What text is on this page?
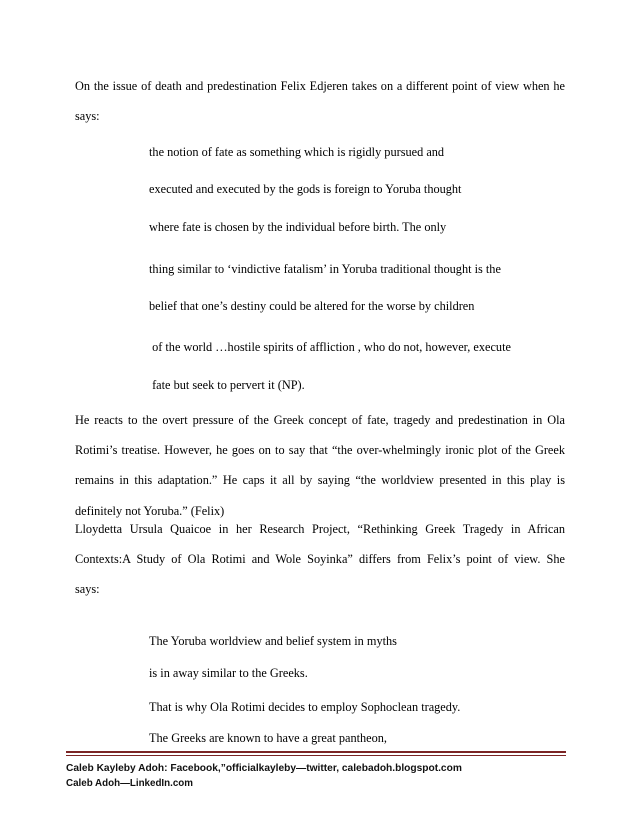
On the issue of death and predestination Felix Edjeren takes on a different point of view when he
says:
the notion of fate as something which is rigidly pursued and
executed and executed by the gods is foreign to Yoruba thought
where fate is chosen by the individual before birth. The only
thing similar to ‘vindictive fatalism’ in Yoruba traditional thought is the
belief that one’s destiny could be altered for the worse by children
of the world …hostile spirits of affliction , who do not, however, execute
fate but seek to pervert it (NP).
He reacts to the overt pressure of the Greek concept of fate, tragedy and predestination in Ola
Rotimi’s treatise. However, he goes on to say that “the over-whelmingly ironic plot of the Greek
remains in this adaptation.” He caps it all by saying “the worldview presented in this play is
definitely not Yoruba.” (Felix)
Lloydetta Ursula Quaicoe in her Research Project, “Rethinking Greek Tragedy in African
Contexts:A Study of Ola Rotimi and Wole Soyinka” differs from Felix’s point of view. She
says:
The Yoruba worldview and belief system in myths
is in away similar to the Greeks.
That is why Ola Rotimi decides to employ Sophoclean tragedy.
The Greeks are known to have a great pantheon,
Caleb Kayleby Adoh: Facebook,”officialkayleby—twitter, calebadoh.blogspot.com
Caleb Adoh—LinkedIn.com
